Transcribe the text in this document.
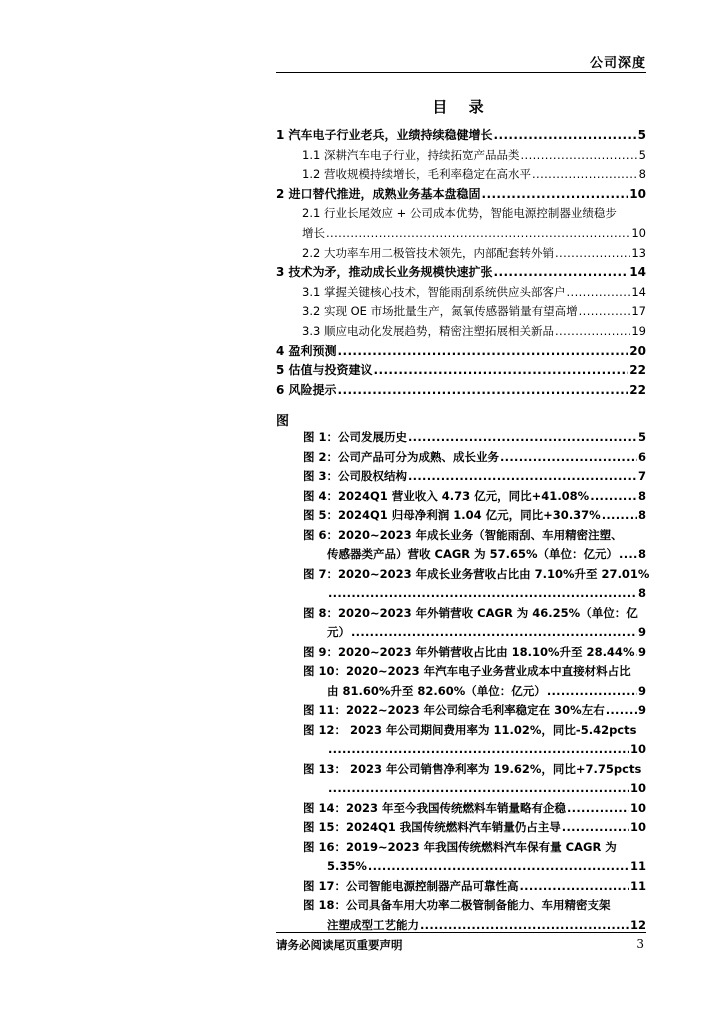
公司深度
目 录
1 汽车电子行业老兵，业绩持续稳健增长 .....	5
1.1 深耕汽车电子行业，持续拓宽产品品类 .....	5
1.2 营收规模持续增长，毛利率稳定在高水平 .....	8
2 进口替代推进，成熟业务基本盘稳固 .....	10
2.1 行业长尾效应 + 公司成本优势，智能电源控制器业绩稳步
增长 .....	10
2.2 大功率车用二极管技术领先，内部配套转外销 .....	13
3 技术为矛，推动成长业务规模快速扩张 .....	14
3.1 掌握关键核心技术，智能雨刮系统供应头部客户 .....	14
3.2 实现 OE 市场批量生产，氮氧传感器销量有望高增 .....	17
3.3 顺应电动化发展趋势，精密注塑拓展相关新品 .....	19
4 盈利预测 .....	20
5 估值与投资建议 .....	22
6 风险提示 .....	22
图
图 1：公司发展历史 .....	5
图 2：公司产品可分为成熟、成长业务 .....	6
图 3：公司股权结构 .....	7
图 4：2024Q1 营业收入 4.73 亿元，同比+41.08% .....	8
图 5：2024Q1 归母净利润 1.04 亿元，同比+30.37% .....	8
图 6：2020~2023 年成长业务（智能雨刮、车用精密注塑、
传感器类产品）营收 CAGR 为 57.65%（单位：亿元） ..... 8
图 7：2020~2023 年成长业务营收占比由 7.10%升至 27.01%
.....
8
图 8：2020~2023 年外销营收 CAGR 为 46.25%（单位：亿
元） .....	9
图 9：2020~2023 年外销营收占比由 18.10%升至 28.44% ..... 9
图 10：2020~2023 年汽车电子业务营业成本中直接材料占比
由 81.60%升至 82.60%（单位：亿元） .....	9
图 11：2022~2023 年公司综合毛利率稳定在 30%左右 .....	9
图 12： 2023 年公司期间费用率为 11.02%，同比-5.42pcts
.....
10
图 13： 2023 年公司销售净利率为 19.62%，同比+7.75pcts
.....
10
图 14：2023 年至今我国传统燃料车销量略有企稳 .....	10
图 15：2024Q1 我国传统燃料汽车销量仍占主导 .....	10
图 16：2019~2023 年我国传统燃料汽车保有量 CAGR 为
5.35% .....	11
图 17：公司智能电源控制器产品可靠性高 .....	11
图 18：公司具备车用大功率二极管制备能力、车用精密支架
注塑成型工艺能力 .....	12
请务必阅读尾页重要声明	3
